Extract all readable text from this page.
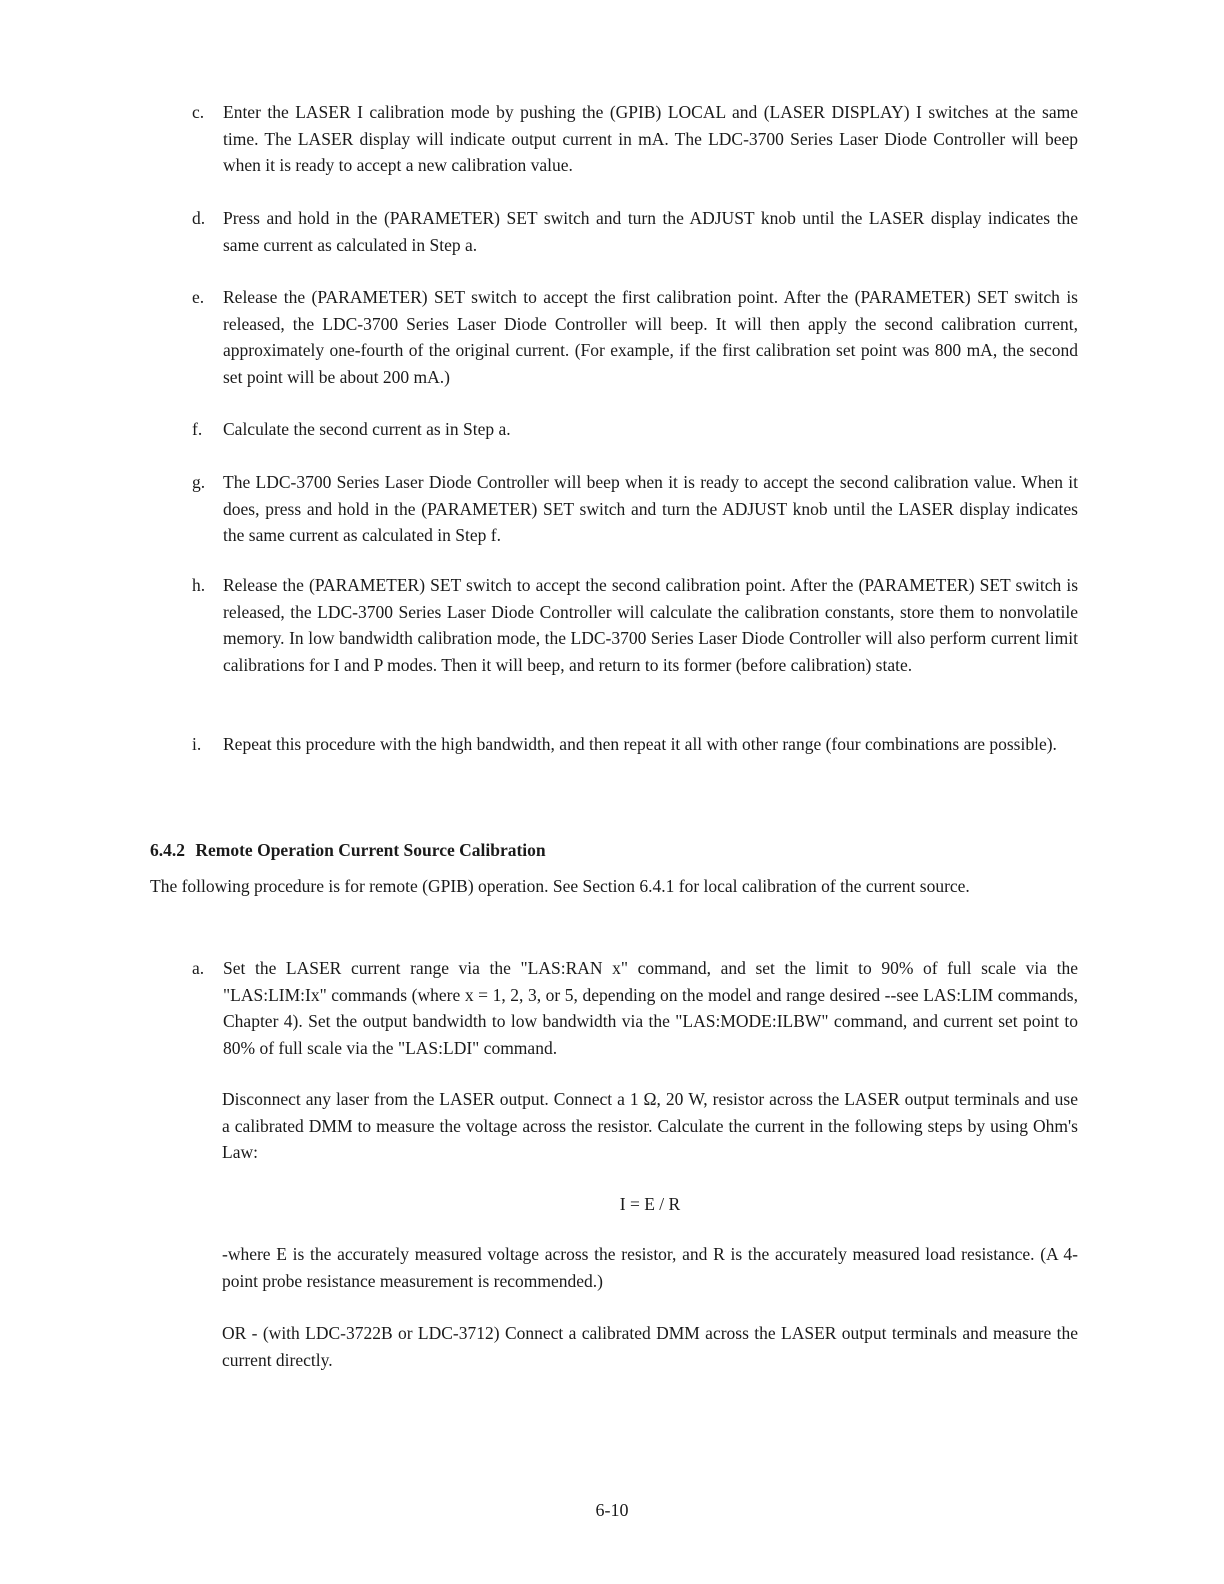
c.	Enter the LASER I calibration mode by pushing the (GPIB) LOCAL and (LASER DISPLAY) I switches at the same time. The LASER display will indicate output current in mA. The LDC-3700 Series Laser Diode Controller will beep when it is ready to accept a new calibration value.
d.	Press and hold in the (PARAMETER) SET switch and turn the ADJUST knob until the LASER display indicates the same current as calculated in Step a.
e.	Release the (PARAMETER) SET switch to accept the first calibration point. After the (PARAMETER) SET switch is released, the LDC-3700 Series Laser Diode Controller will beep. It will then apply the second calibration current, approximately one-fourth of the original current. (For example, if the first calibration set point was 800 mA, the second set point will be about 200 mA.)
f.	Calculate the second current as in Step a.
g.	The LDC-3700 Series Laser Diode Controller will beep when it is ready to accept the second calibration value. When it does, press and hold in the (PARAMETER) SET switch and turn the ADJUST knob until the LASER display indicates the same current as calculated in Step f.
h.	Release the (PARAMETER) SET switch to accept the second calibration point. After the (PARAMETER) SET switch is released, the LDC-3700 Series Laser Diode Controller will calculate the calibration constants, store them to nonvolatile memory. In low bandwidth calibration mode, the LDC-3700 Series Laser Diode Controller will also perform current limit calibrations for I and P modes. Then it will beep, and return to its former (before calibration) state.
i.	Repeat this procedure with the high bandwidth, and then repeat it all with other range (four combinations are possible).
6.4.2 Remote Operation Current Source Calibration
The following procedure is for remote (GPIB) operation. See Section 6.4.1 for local calibration of the current source.
a.	Set the LASER current range via the "LAS:RAN x" command, and set the limit to 90% of full scale via the "LAS:LIM:Ix" commands (where x = 1, 2, 3, or 5, depending on the model and range desired --see LAS:LIM commands, Chapter 4). Set the output bandwidth to low bandwidth via the "LAS:MODE:ILBW" command, and current set point to 80% of full scale via the "LAS:LDI" command.
Disconnect any laser from the LASER output. Connect a 1 Ω, 20 W, resistor across the LASER output terminals and use a calibrated DMM to measure the voltage across the resistor. Calculate the current in the following steps by using Ohm's Law:
I = E / R
-where E is the accurately measured voltage across the resistor, and R is the accurately measured load resistance. (A 4-point probe resistance measurement is recommended.)
OR - (with LDC-3722B or LDC-3712) Connect a calibrated DMM across the LASER output terminals and measure the current directly.
6-10
